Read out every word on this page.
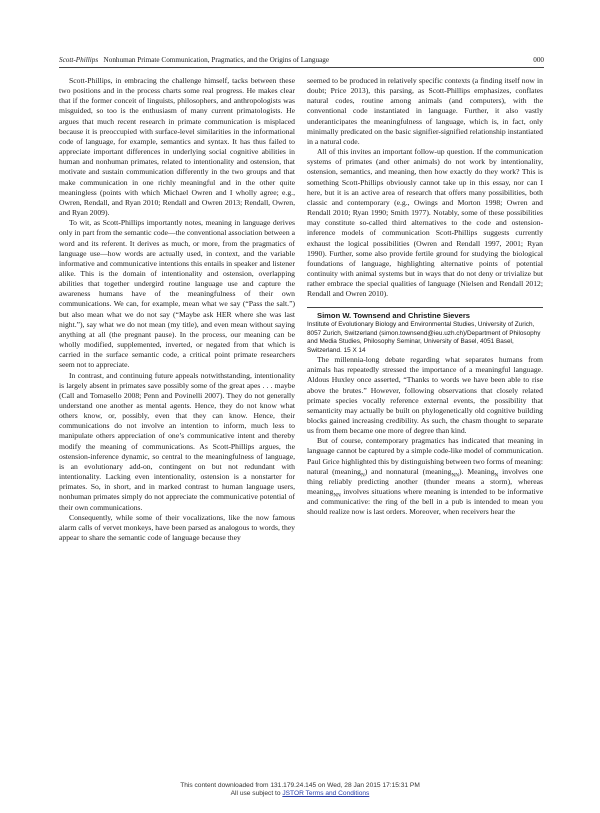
Scott-Phillips Nonhuman Primate Communication, Pragmatics, and the Origins of Language	000

Scott-Phillips, in embracing the challenge himself, tacks between these two positions and in the process charts some real progress. He makes clear that if the former conceit of linguists, philosophers, and anthropologists was misguided, so too is the enthusiasm of many current primatologists. He argues that much recent research in primate communication is misplaced because it is preoccupied with surface-level similarities in the informational code of language, for example, semantics and syntax. It has thus failed to appreciate important differences in underlying social cognitive abilities in human and nonhuman primates, related to intentionality and ostension, that motivate and sustain communication differently in the two groups and that make communication in one richly meaningful and in the other quite meaningless (points with which Michael Owren and I wholly agree; e.g., Owren, Rendall, and Ryan 2010; Rendall and Owren 2013; Rendall, Owren, and Ryan 2009).

To wit, as Scott-Phillips importantly notes, meaning in language derives only in part from the semantic code—the conventional association between a word and its referent. It derives as much, or more, from the pragmatics of language use—how words are actually used, in context, and the variable informative and communicative intentions this entails in speaker and listener alike. This is the domain of intentionality and ostension, overlapping abilities that together undergird routine language use and capture the awareness humans have of the meaningfulness of their own communications. We can, for example, mean what we say (“Pass the salt.”) but also mean what we do not say (“Maybe ask HER where she was last night.”), say what we do not mean (my title), and even mean without saying anything at all (the pregnant pause). In the process, our meaning can be wholly modified, supplemented, inverted, or negated from that which is carried in the surface semantic code, a critical point primate researchers seem not to appreciate.

In contrast, and continuing future appeals notwithstanding, intentionality is largely absent in primates save possibly some of the great apes . . . maybe (Call and Tomasello 2008; Penn and Povinelli 2007). They do not generally understand one another as mental agents. Hence, they do not know what others know, or, possibly, even that they can know. Hence, their communications do not involve an intention to inform, much less to manipulate others appreciation of one’s communicative intent and thereby modify the meaning of communications. As Scott-Phillips argues, the ostension-inference dynamic, so central to the meaningfulness of language, is an evolutionary add-on, contingent on but not redundant with intentionality. Lacking even intentionality, ostension is a nonstarter for primates. So, in short, and in marked contrast to human language users, nonhuman primates simply do not appreciate the communicative potential of their own communications.

Consequently, while some of their vocalizations, like the now famous alarm calls of vervet monkeys, have been parsed as analogous to words, they appear to share the semantic code of language because they

seemed to be produced in relatively specific contexts (a finding itself now in doubt; Price 2013), this parsing, as Scott-Phillips emphasizes, conflates natural codes, routine among animals (and computers), with the conventional code instantiated in language. Further, it also vastly underanticipates the meaningfulness of language, which is, in fact, only minimally predicated on the basic signifier-signified relationship instantiated in a natural code.

All of this invites an important follow-up question. If the communication systems of primates (and other animals) do not work by intentionality, ostension, semantics, and meaning, then how exactly do they work? This is something Scott-Phillips obviously cannot take up in this essay, nor can I here, but it is an active area of research that offers many possibilities, both classic and contemporary (e.g., Owings and Morton 1998; Owren and Rendall 2010; Ryan 1990; Smith 1977). Notably, some of these possibilities may constitute so-called third alternatives to the code and ostension-inference models of communication Scott-Phillips suggests currently exhaust the logical possibilities (Owren and Rendall 1997, 2001; Ryan 1990). Further, some also provide fertile ground for studying the biological foundations of language, highlighting alternative points of potential continuity with animal systems but in ways that do not deny or trivialize but rather embrace the special qualities of language (Nielsen and Rendall 2012; Rendall and Owren 2010).

Simon W. Townsend and Christine Sievers

Institute of Evolutionary Biology and Environmental Studies, University of Zurich, 8057 Zurich, Switzerland (simon.townsend@ieu.uzh.ch)/Department of Philosophy and Media Studies, Philosophy Seminar, University of Basel, 4051 Basel, Switzerland. 15 X 14

The millennia-long debate regarding what separates humans from animals has repeatedly stressed the importance of a meaningful language. Aldous Huxley once asserted, “Thanks to words we have been able to rise above the brutes.” However, following observations that closely related primate species vocally reference external events, the possibility that semanticity may actually be built on phylogenetically old cognitive building blocks gained increasing credibility. As such, the chasm thought to separate us from them became one more of degree than kind.

But of course, contemporary pragmatics has indicated that meaning in language cannot be captured by a simple code-like model of communication. Paul Grice highlighted this by distinguishing between two forms of meaning: natural (meaning$_N$) and nonnatural (meaning$_{NN}$). Meaning$_N$ involves one thing reliably predicting another (thunder means a storm), whereas meaning$_{NN}$ involves situations where meaning is intended to be informative and communicative: the ring of the bell in a pub is intended to mean you should realize now is last orders. Moreover, when receivers hear the

This content downloaded from 131.179.24.145 on Wed, 28 Jan 2015 17:15:31 PM
All use subject to JSTOR Terms and Conditions
